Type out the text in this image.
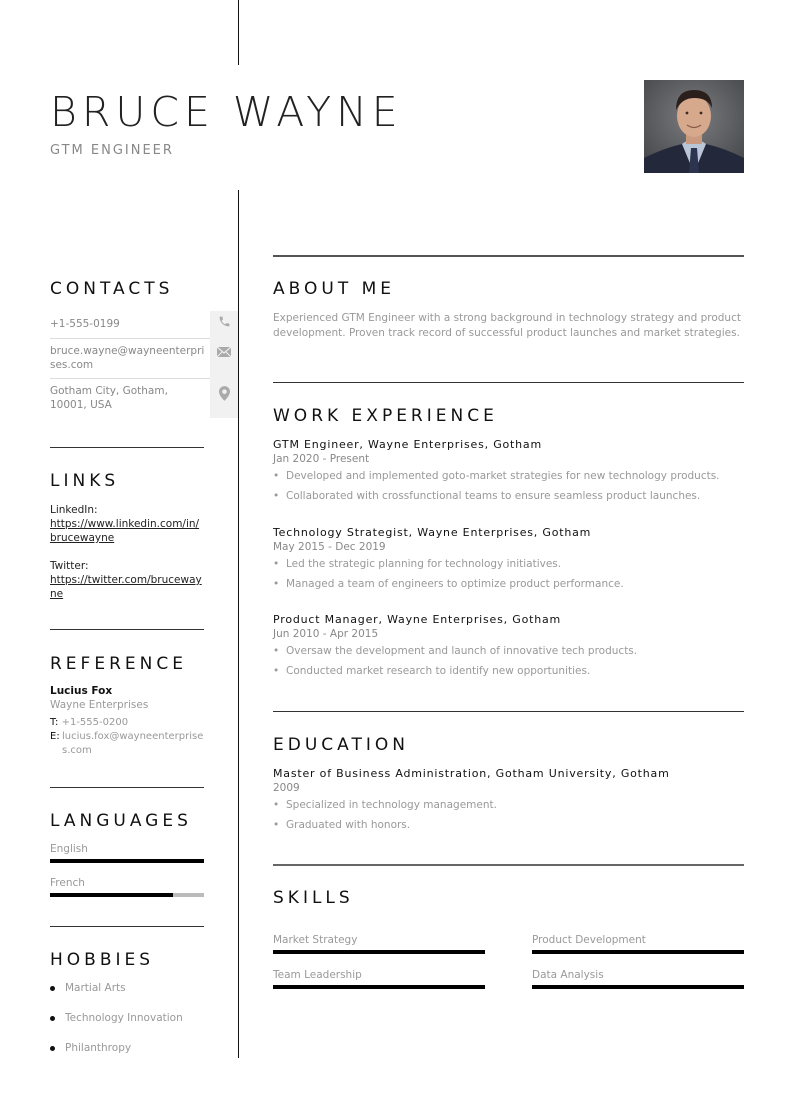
BRUCE WAYNE
GTM ENGINEER
CONTACTS
+1-555-0199
bruce.wayne@wayneenterprises.com
Gotham City, Gotham, 10001, USA
LINKS
LinkedIn:
https://www.linkedin.com/in/brucewayne
Twitter:
https://twitter.com/brucewayne
REFERENCE
Lucius Fox
Wayne Enterprises
T: +1-555-0200
E: lucius.fox@wayneenterprises.com
LANGUAGES
English
French
HOBBIES
Martial Arts
Technology Innovation
Philanthropy
ABOUT ME
Experienced GTM Engineer with a strong background in technology strategy and product development. Proven track record of successful product launches and market strategies.
WORK EXPERIENCE
GTM Engineer, Wayne Enterprises, Gotham
Jan 2020 - Present
• Developed and implemented goto-market strategies for new technology products.
• Collaborated with crossfunctional teams to ensure seamless product launches.
Technology Strategist, Wayne Enterprises, Gotham
May 2015 - Dec 2019
• Led the strategic planning for technology initiatives.
• Managed a team of engineers to optimize product performance.
Product Manager, Wayne Enterprises, Gotham
Jun 2010 - Apr 2015
• Oversaw the development and launch of innovative tech products.
• Conducted market research to identify new opportunities.
EDUCATION
Master of Business Administration, Gotham University, Gotham
2009
• Specialized in technology management.
• Graduated with honors.
SKILLS
Market Strategy	Product Development
Team Leadership	Data Analysis
